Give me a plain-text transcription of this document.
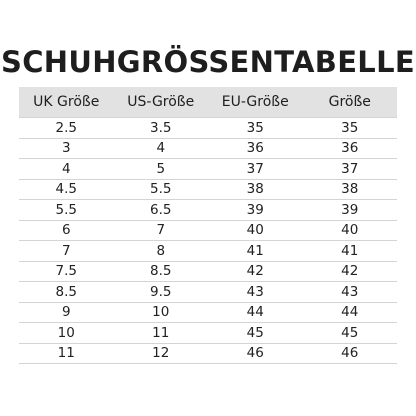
SCHUHGRÖSSENTABELLE
UK Größe	US-Größe	EU-Größe	Größe
2.5	3.5	35	35
3	4	36	36
4	5	37	37
4.5	5.5	38	38
5.5	6.5	39	39
6	7	40	40
7	8	41	41
7.5	8.5	42	42
8.5	9.5	43	43
9	10	44	44
10	11	45	45
11	12	46	46
